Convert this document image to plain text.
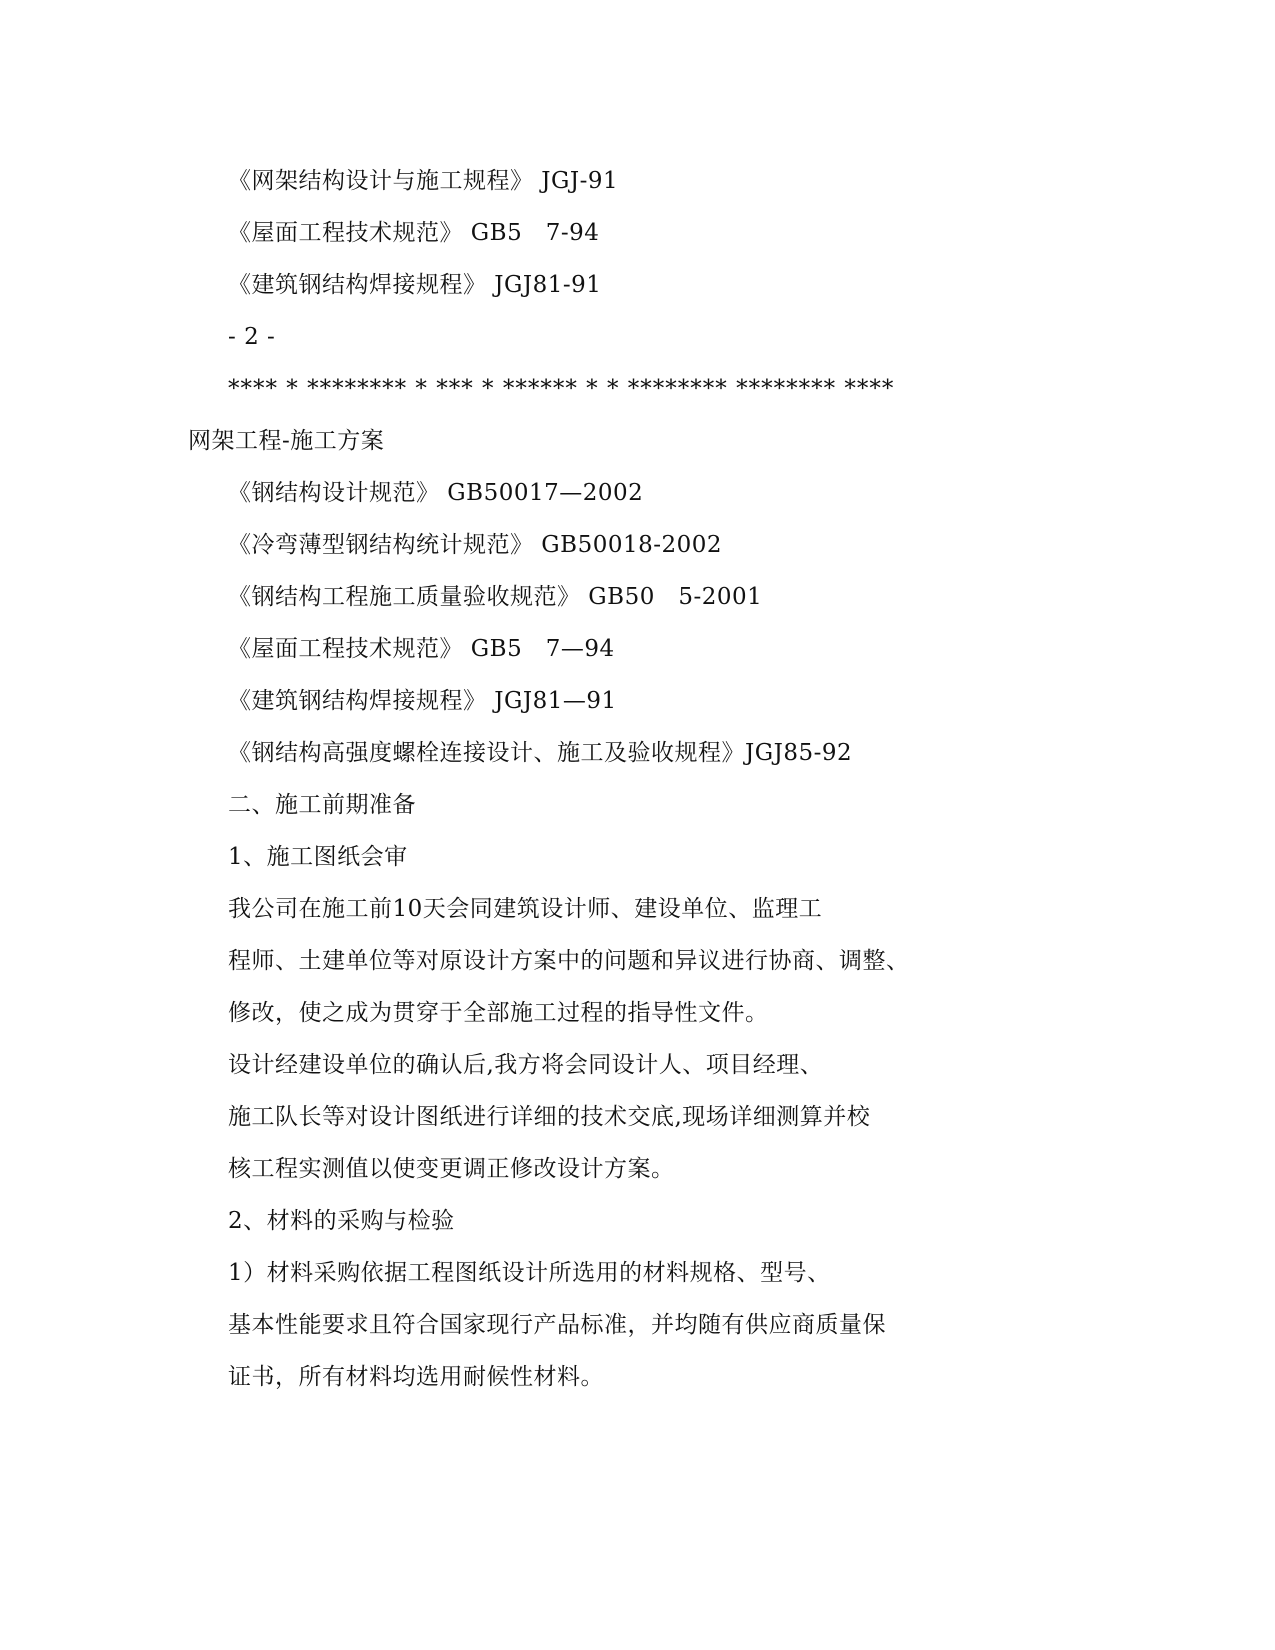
《网架结构设计与施工规程》 JGJ-91
《屋面工程技术规范》 GB5　7-94
《建筑钢结构焊接规程》 JGJ81-91
- 2 -
**** * ******** * *** * ****** * * ******** ******** ****
网架工程-施工方案
《钢结构设计规范》 GB50017—2002
《冷弯薄型钢结构统计规范》 GB50018-2002
《钢结构工程施工质量验收规范》 GB50　5-2001
《屋面工程技术规范》 GB5　7—94
《建筑钢结构焊接规程》 JGJ81—91
《钢结构高强度螺栓连接设计、施工及验收规程》JGJ85-92
二、施工前期准备
1、施工图纸会审
我公司在施工前10天会同建筑设计师、建设单位、监理工
程师、土建单位等对原设计方案中的问题和异议进行协商、调整、
修改，使之成为贯穿于全部施工过程的指导性文件。
设计经建设单位的确认后,我方将会同设计人、项目经理、
施工队长等对设计图纸进行详细的技术交底,现场详细测算并校
核工程实测值以使变更调正修改设计方案。
2、材料的采购与检验
1）材料采购依据工程图纸设计所选用的材料规格、型号、
基本性能要求且符合国家现行产品标准，并均随有供应商质量保
证书，所有材料均选用耐候性材料。
